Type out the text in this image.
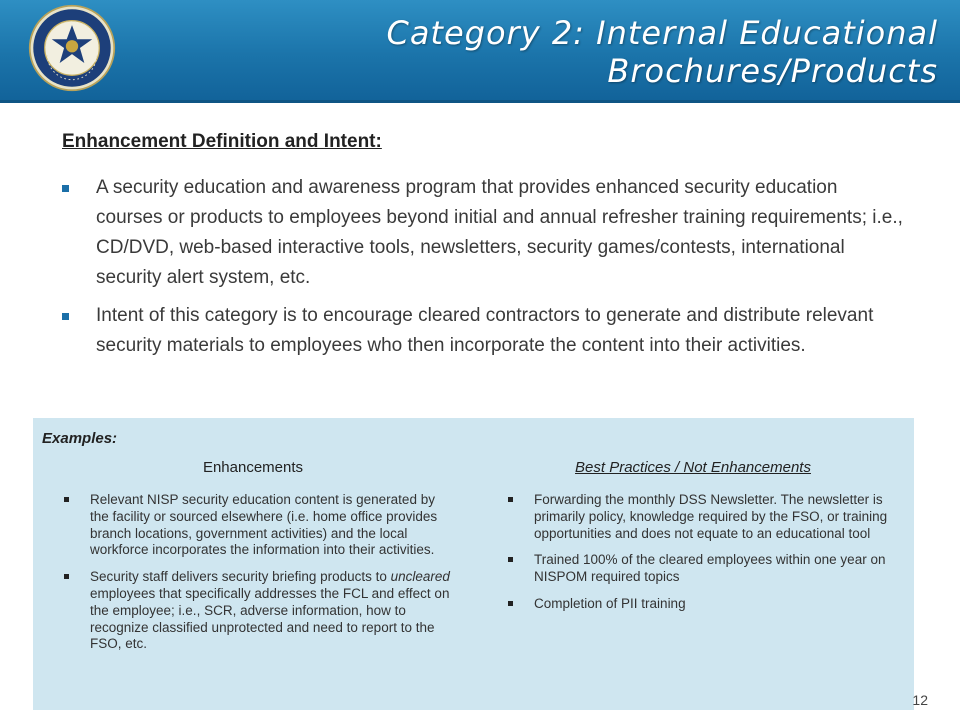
Category 2: Internal Educational
Brochures/Products
Enhancement Definition and Intent:
A security education and awareness program that provides enhanced security education courses or products to employees beyond initial and annual refresher training requirements; i.e., CD/DVD, web-based interactive tools, newsletters, security games/contests, international security alert system, etc.
Intent of this category is to encourage cleared contractors to generate and distribute relevant security materials to employees who then incorporate the content into their activities.
Examples:
Enhancements	Best Practices / Not Enhancements
Relevant NISP security education content is generated by the facility or sourced elsewhere (i.e. home office provides branch locations, government activities) and the local workforce incorporates the information into their activities.
Security staff delivers security briefing products to uncleared employees that specifically addresses the FCL and effect on the employee; i.e., SCR, adverse information, how to recognize classified unprotected and need to report to the FSO, etc.
Forwarding the monthly DSS Newsletter. The newsletter is primarily policy, knowledge required by the FSO, or training opportunities and does not equate to an educational tool
Trained 100% of the cleared employees within one year on NISPOM required topics
Completion of PII training
12
